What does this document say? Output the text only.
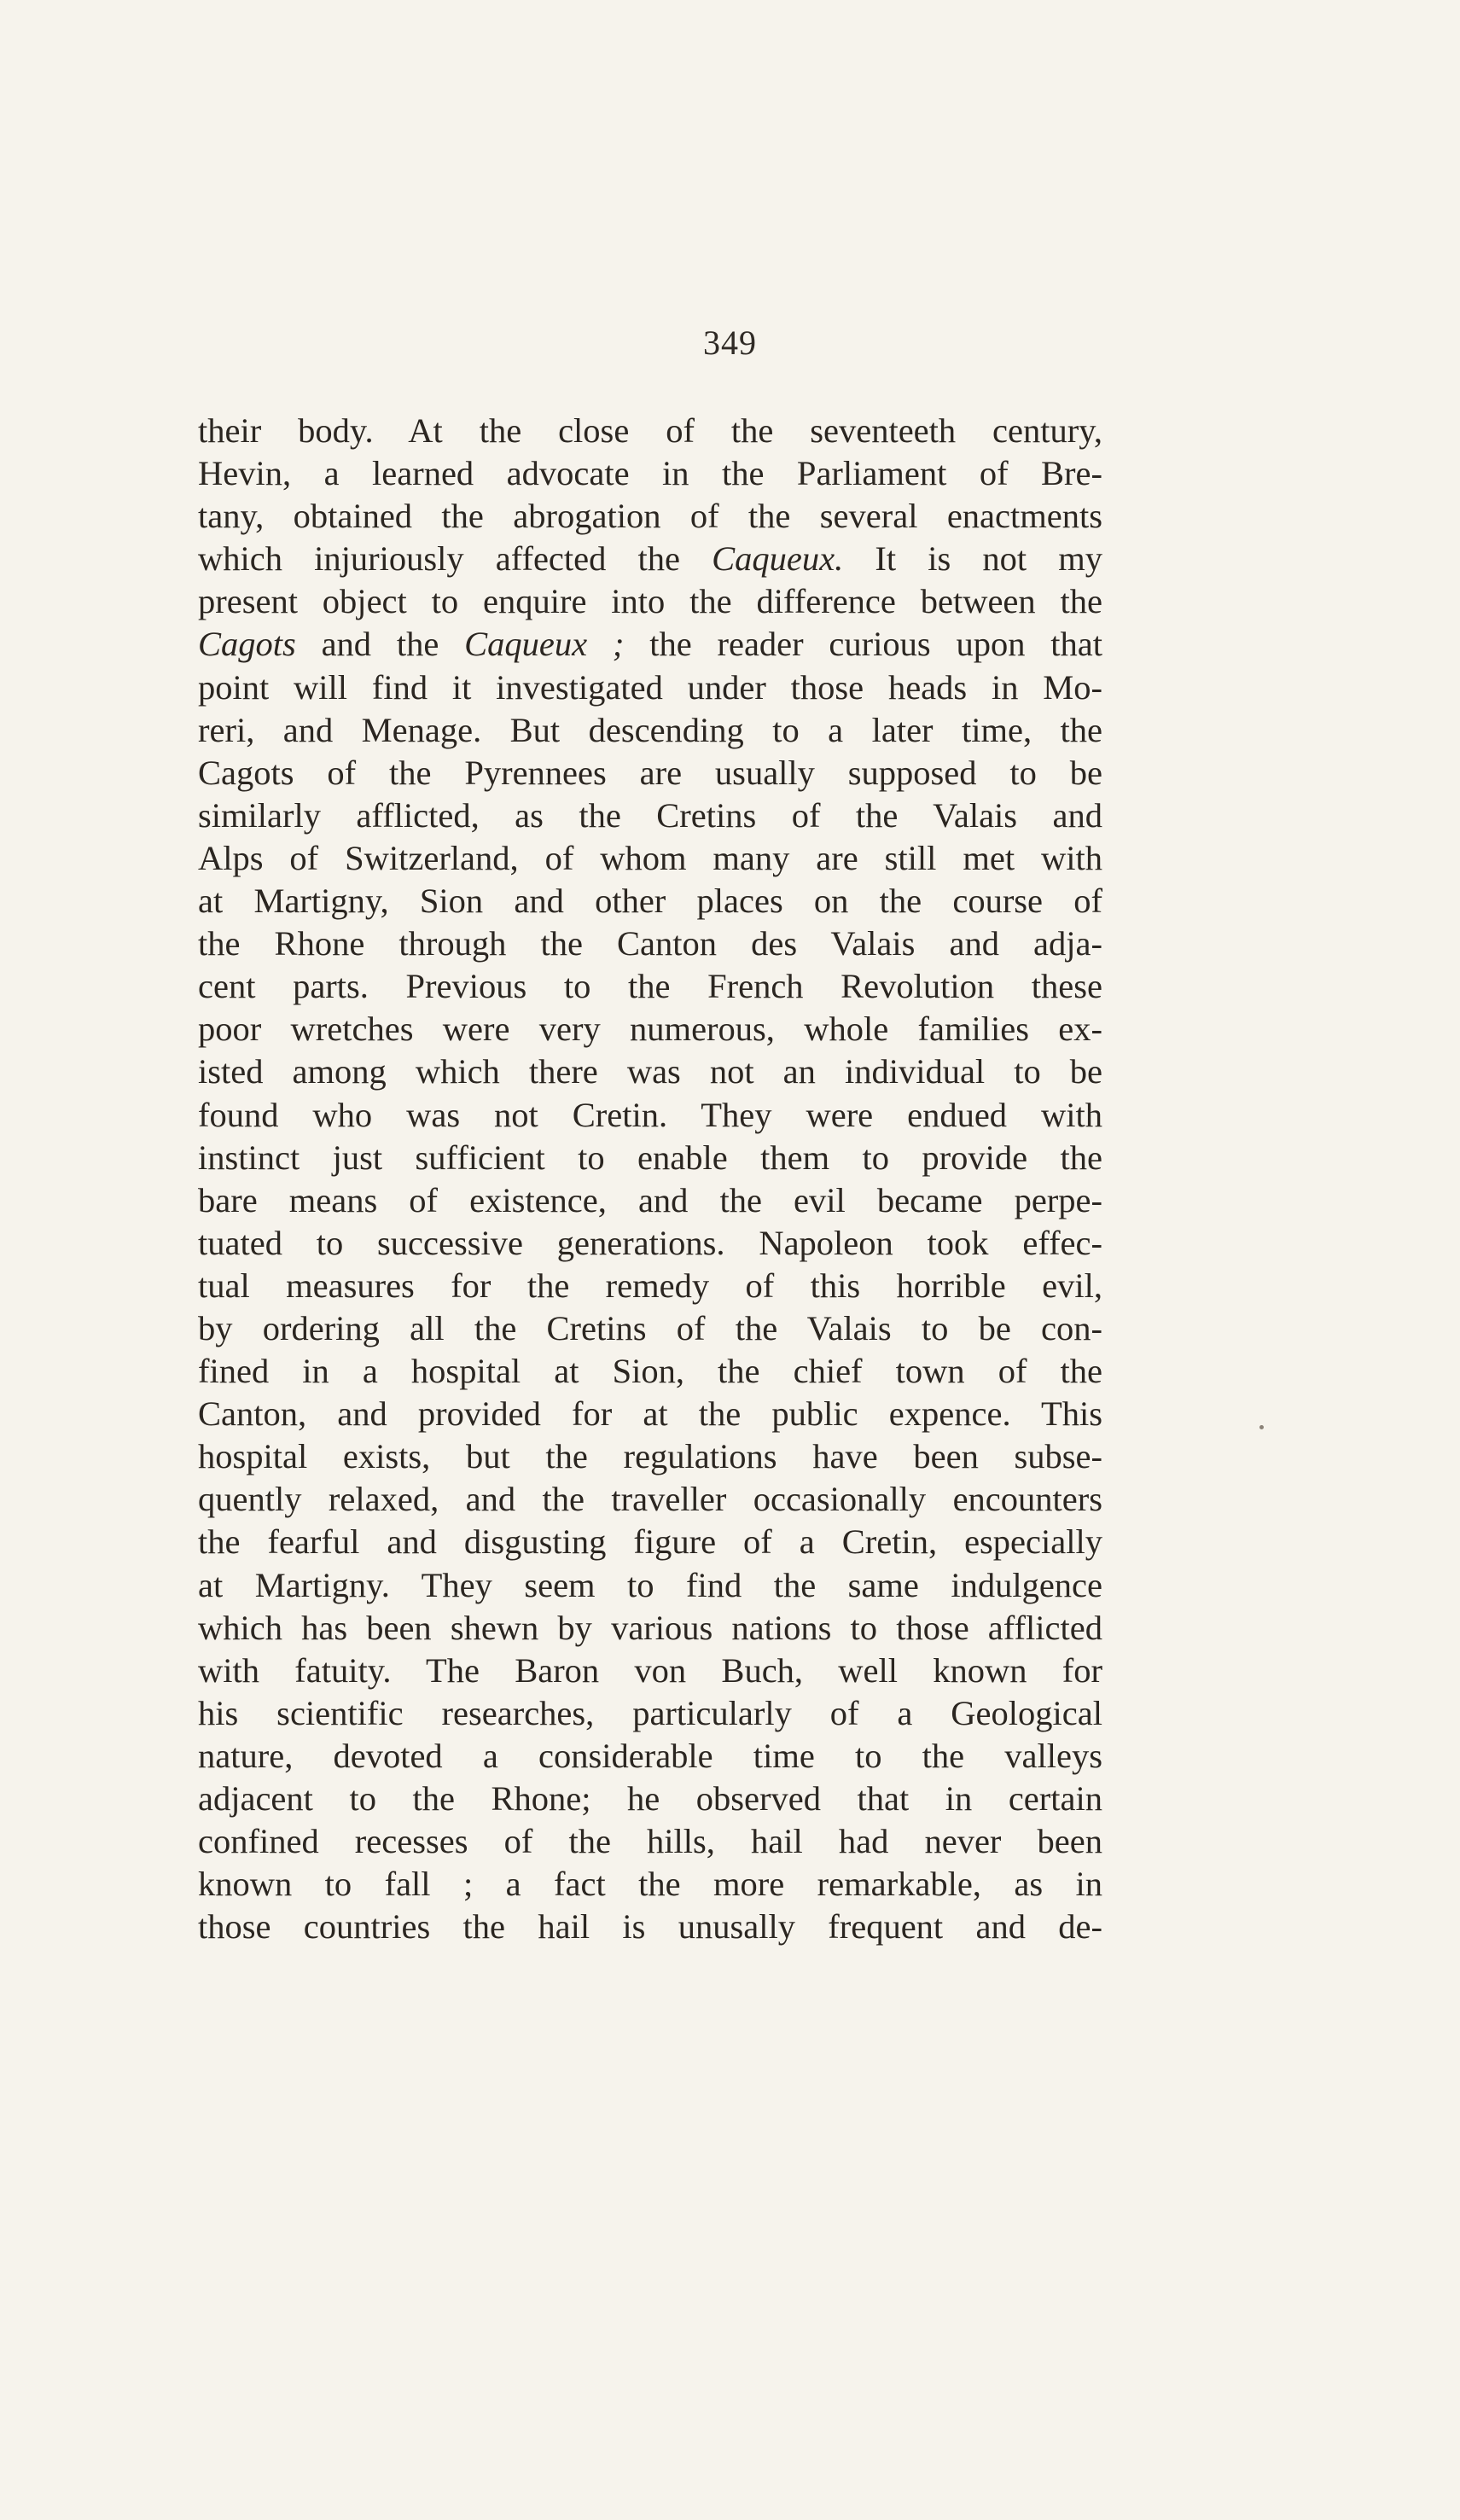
349
their body. At the close of the seventeeth century,
Hevin, a learned advocate in the Parliament of Bre-
tany, obtained the abrogation of the several enactments
which injuriously affected the Caqueux. It is not my
present object to enquire into the difference between the
Cagots and the Caqueux ; the reader curious upon that
point will find it investigated under those heads in Mo-
reri, and Menage. But descending to a later time, the
Cagots of the Pyrennees are usually supposed to be
similarly afflicted, as the Cretins of the Valais and
Alps of Switzerland, of whom many are still met with
at Martigny, Sion and other places on the course of
the Rhone through the Canton des Valais and adja-
cent parts. Previous to the French Revolution these
poor wretches were very numerous, whole families ex-
isted among which there was not an individual to be
found who was not Cretin. They were endued with
instinct just sufficient to enable them to provide the
bare means of existence, and the evil became perpe-
tuated to successive generations. Napoleon took effec-
tual measures for the remedy of this horrible evil,
by ordering all the Cretins of the Valais to be con-
fined in a hospital at Sion, the chief town of the
Canton, and provided for at the public expence. This
hospital exists, but the regulations have been subse-
quently relaxed, and the traveller occasionally encounters
the fearful and disgusting figure of a Cretin, especially
at Martigny. They seem to find the same indulgence
which has been shewn by various nations to those afflicted
with fatuity. The Baron von Buch, well known for
his scientific researches, particularly of a Geological
nature, devoted a considerable time to the valleys
adjacent to the Rhone; he observed that in certain
confined recesses of the hills, hail had never been
known to fall ; a fact the more remarkable, as in
those countries the hail is unusally frequent and de-
